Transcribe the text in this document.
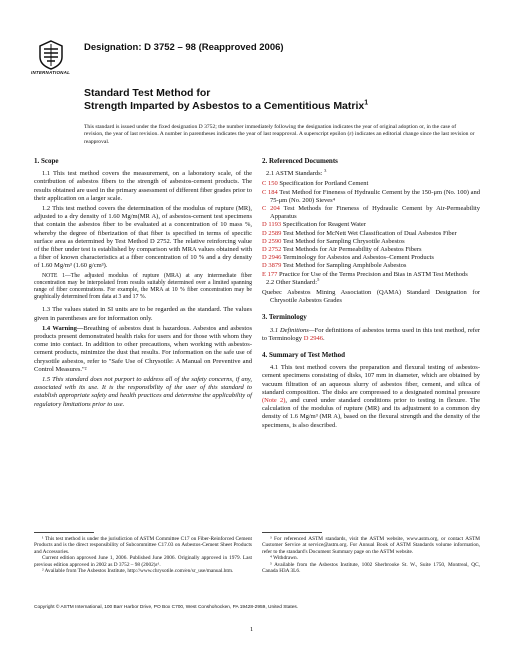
INTERNATIONAL
Designation: D 3752 – 98 (Reapproved 2006)
Standard Test Method for
Strength Imparted by Asbestos to a Cementitious Matrix$^1$
This standard is issued under the fixed designation D 3752; the number immediately following the designation indicates the year of original adoption or, in the case of revision, the year of last revision. A number in parentheses indicates the year of last reapproval. A superscript epsilon (ε) indicates an editorial change since the last revision or reapproval.
1. Scope

1.1 This test method covers the measurement, on a laboratory scale, of the contribution of asbestos fibers to the strength of asbestos-cement products. The results obtained are used in the primary assessment of different fiber grades prior to their application on a larger scale.

1.2 This test method covers the determination of the modulus of rupture (MR), adjusted to a dry density of 1.60 Mg/m(MR A), of asbestos-cement test specimens that contain the asbestos fiber to be evaluated at a concentration of 10 mass %, whereby the degree of fiberization of that fiber is specified in terms of specific surface area as determined by Test Method D 2752. The relative reinforcing value of the fiber under test is established by comparison with MRA values obtained with a fiber of known characteristics at a fiber concentration of 10 % and a dry density of 1.60 Mg/m³ (1.60 g/cm³).

NOTE 1—The adjusted modulus of rupture (MRA) at any intermediate fiber concentration may be interpolated from results suitably determined over a limited spanning range of fiber concentrations. For example, the MRA at 10 % fiber concentration may be graphically determined from data at 3 and 17 %.

1.3 The values stated in SI units are to be regarded as the standard. The values given in parentheses are for information only.

1.4 Warning—Breathing of asbestos dust is hazardous. Asbestos and asbestos products present demonstrated health risks for users and for those with whom they come into contact. In addition to other precautions, when working with asbestos-cement products, minimize the dust that results. For information on the safe use of chrysotile asbestos, refer to "Safe Use of Chrysotile: A Manual on Preventive and Control Measures."²

1.5 This standard does not purport to address all of the safety concerns, if any, associated with its use. It is the responsibility of the user of this standard to establish appropriate safety and health practices and determine the applicability of regulatory limitations prior to use.

2. Referenced Documents

2.1 ASTM Standards: $^3$

C 150 Specification for Portland Cement
C 184 Test Method for Fineness of Hydraulic Cement by the 150-μm (No. 100) and 75-μm (No. 200) Sieves⁴
C 204 Test Methods for Fineness of Hydraulic Cement by Air-Permeability Apparatus
D 1193 Specification for Reagent Water
D 2589 Test Method for McNett Wet Classification of Dual Asbestos Fiber
D 2590 Test Method for Sampling Chrysotile Asbestos
D 2752 Test Methods for Air Permeability of Asbestos Fibers
D 2946 Terminology for Asbestos and Asbestos–Cement Products
D 3879 Test Method for Sampling Amphibole Asbestos
E 177 Practice for Use of the Terms Precision and Bias in ASTM Test Methods

2.2 Other Standard:$^5$

Quebec Asbestos Mining Association (QAMA) Standard Designation for Chrysotile Asbestos Grades
3. Terminology

3.1 Definitions—For definitions of asbestos terms used in this test method, refer to Terminology D 2946.

4. Summary of Test Method

4.1 This test method covers the preparation and flexural testing of asbestos-cement specimens consisting of disks, 107 mm in diameter, which are obtained by vacuum filtration of an aqueous slurry of asbestos fiber, cement, and silica of standard composition. The disks are compressed to a designated nominal pressure (Note 2), and cured under standard conditions prior to testing in flexure. The calculation of the modulus of rupture (MR) and its adjustment to a common dry density of 1.6 Mg/m³ (MR A), based on the flexural strength and the density of the specimens, is also described.

¹ This test method is under the jurisdiction of ASTM Committee C17 on Fiber-Reinforced Cement Products and is the direct responsibility of Subcommittee C17.03 on Asbestos-Cement Sheet Products and Accessories.
Current edition approved June 1, 2006. Published June 2006. Originally approved in 1979. Last previous edition approved in 2002 as D 3752 – 98 (2002)ε¹.
² Available from The Asbestos Institute, http://www.chrysotile.com/en/sr_use/manual.htm.
³ For referenced ASTM standards, visit the ASTM website, www.astm.org, or contact ASTM Customer Service at service@astm.org. For Annual Book of ASTM Standards volume information, refer to the standard's Document Summary page on the ASTM website.
⁴ Withdrawn.
⁵ Available from the Asbestos Institute, 1002 Sherbrooke St. W., Suite 1750, Montreal, QC, Canada H3A 3L6.
Copyright © ASTM International, 100 Barr Harbor Drive, PO Box C700, West Conshohocken, PA 19428-2959, United States.
1
